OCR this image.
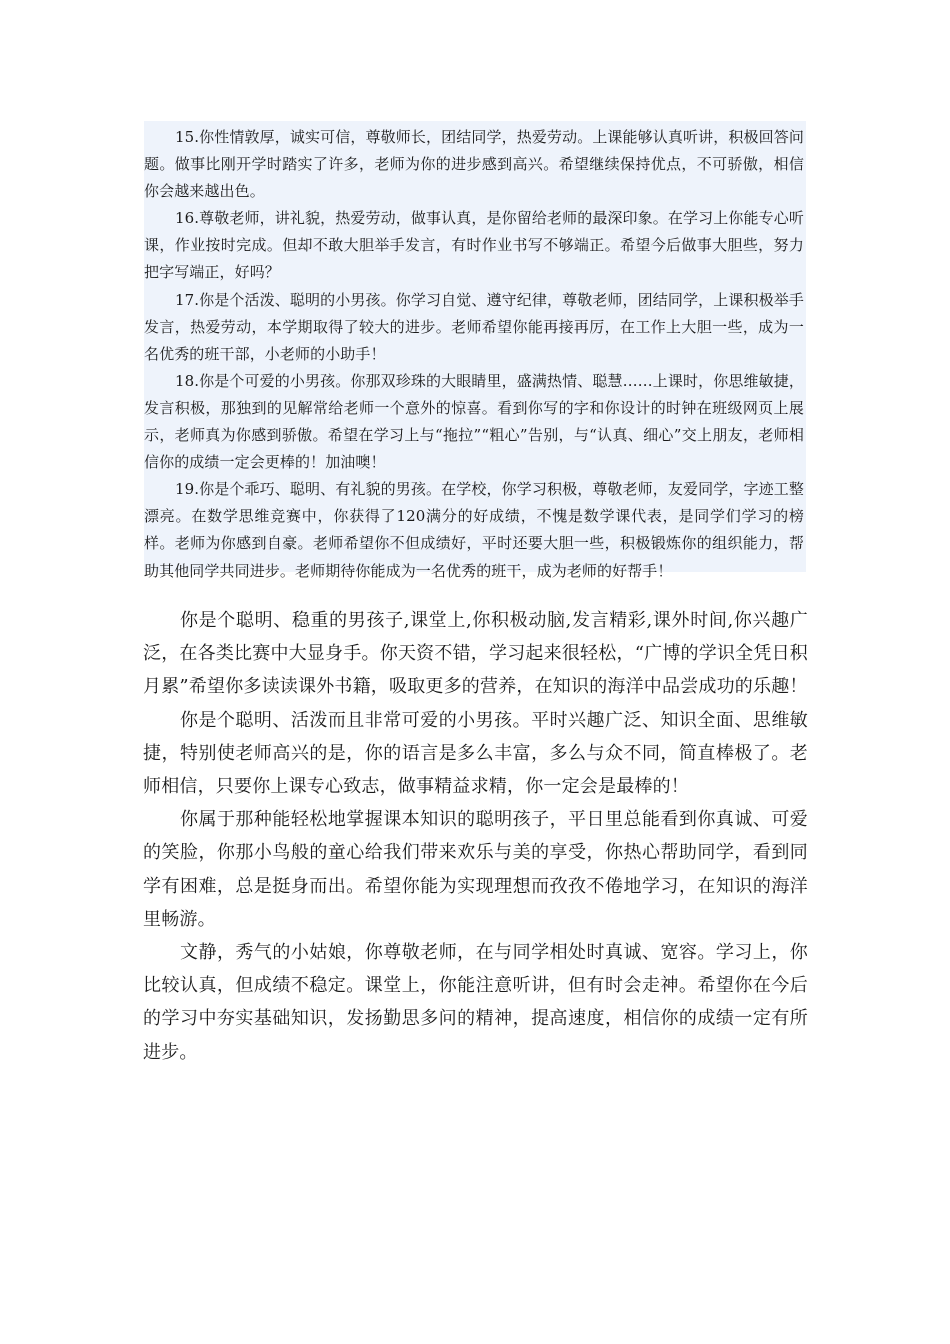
15.你性情敦厚，诚实可信，尊敬师长，团结同学，热爱劳动。上课能够认真听讲，积极回答问题。做事比刚开学时踏实了许多，老师为你的进步感到高兴。希望继续保持优点，不可骄傲，相信你会越来越出色。

16.尊敬老师，讲礼貌，热爱劳动，做事认真，是你留给老师的最深印象。在学习上你能专心听课，作业按时完成。但却不敢大胆举手发言，有时作业书写不够端正。希望今后做事大胆些，努力把字写端正，好吗？

17.你是个活泼、聪明的小男孩。你学习自觉、遵守纪律，尊敬老师，团结同学，上课积极举手发言，热爱劳动，本学期取得了较大的进步。老师希望你能再接再厉，在工作上大胆一些，成为一名优秀的班干部，小老师的小助手！

18.你是个可爱的小男孩。你那双珍珠的大眼睛里，盛满热情、聪慧……上课时，你思维敏捷，发言积极，那独到的见解常给老师一个意外的惊喜。看到你写的字和你设计的时钟在班级网页上展示，老师真为你感到骄傲。希望在学习上与“拖拉”“粗心”告别，与“认真、细心”交上朋友，老师相信你的成绩一定会更棒的！加油噢！

19.你是个乖巧、聪明、有礼貌的男孩。在学校，你学习积极，尊敬老师，友爱同学，字迹工整漂亮。在数学思维竞赛中，你获得了120满分的好成绩，不愧是数学课代表，是同学们学习的榜样。老师为你感到自豪。老师希望你不但成绩好，平时还要大胆一些，积极锻炼你的组织能力，帮助其他同学共同进步。老师期待你能成为一名优秀的班干，成为老师的好帮手！

你是个聪明、稳重的男孩子,课堂上,你积极动脑,发言精彩,课外时间,你兴趣广泛，在各类比赛中大显身手。你天资不错，学习起来很轻松，“广博的学识全凭日积月累”希望你多读读课外书籍，吸取更多的营养，在知识的海洋中品尝成功的乐趣！

你是个聪明、活泼而且非常可爱的小男孩。平时兴趣广泛、知识全面、思维敏捷，特别使老师高兴的是，你的语言是多么丰富，多么与众不同，简直棒极了。老师相信，只要你上课专心致志，做事精益求精，你一定会是最棒的！

你属于那种能轻松地掌握课本知识的聪明孩子，平日里总能看到你真诚、可爱的笑脸，你那小鸟般的童心给我们带来欢乐与美的享受，你热心帮助同学，看到同学有困难，总是挺身而出。希望你能为实现理想而孜孜不倦地学习，在知识的海洋里畅游。

文静，秀气的小姑娘，你尊敬老师，在与同学相处时真诚、宽容。学习上，你比较认真，但成绩不稳定。课堂上，你能注意听讲，但有时会走神。希望你在今后的学习中夯实基础知识，发扬勤思多问的精神，提高速度，相信你的成绩一定有所进步。
